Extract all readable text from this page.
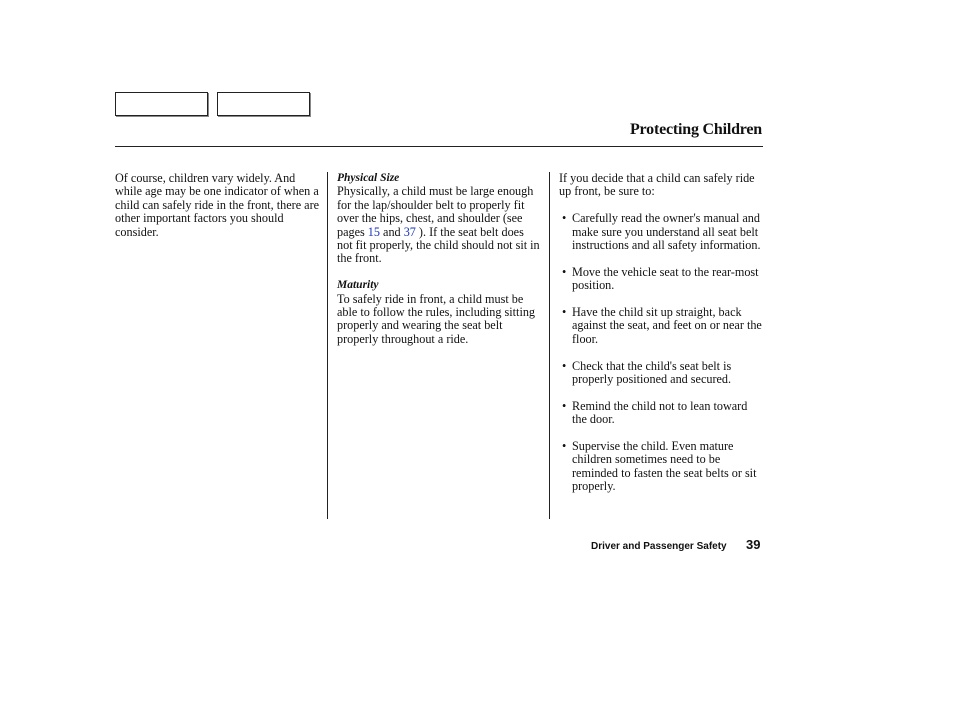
Protecting Children

Of course, children vary widely. And while age may be one indicator of when a child can safely ride in the front, there are other important factors you should consider.

Physical Size

Physically, a child must be large enough for the lap/shoulder belt to properly fit over the hips, chest, and shoulder (see pages 15 and 37 ). If the seat belt does not fit properly, the child should not sit in the front.

Maturity

To safely ride in front, a child must be able to follow the rules, including sitting properly and wearing the seat belt properly throughout a ride.

If you decide that a child can safely ride up front, be sure to:

• Carefully read the owner's manual and make sure you understand all seat belt instructions and all safety information.
• Move the vehicle seat to the rear-most position.
• Have the child sit up straight, back against the seat, and feet on or near the floor.
• Check that the child's seat belt is properly positioned and secured.
• Remind the child not to lean toward the door.
• Supervise the child. Even mature children sometimes need to be reminded to fasten the seat belts or sit properly.
Driver and Passenger Safety 39
